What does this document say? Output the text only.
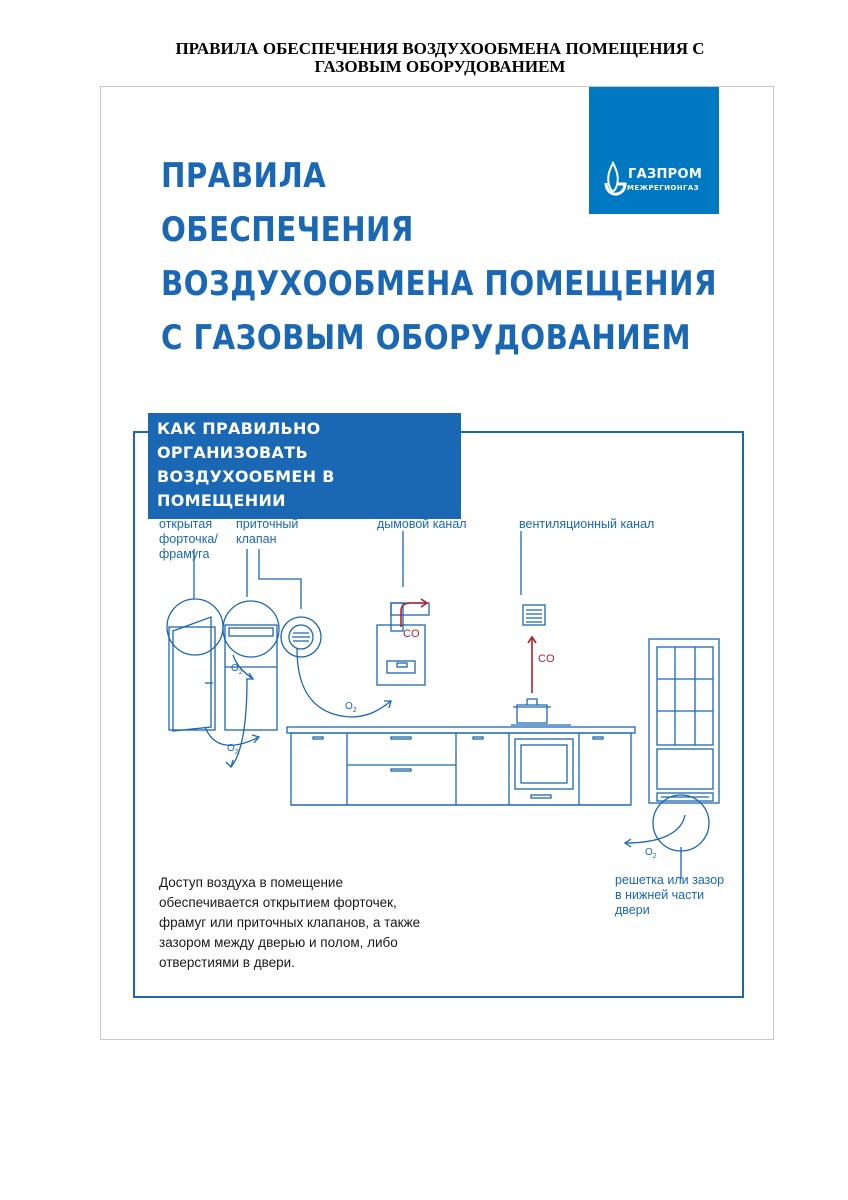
ПРАВИЛА ОБЕСПЕЧЕНИЯ ВОЗДУХООБМЕНА ПОМЕЩЕНИЯ С
ГАЗОВЫМ ОБОРУДОВАНИЕМ
ПРАВИЛА
ОБЕСПЕЧЕНИЯ
ВОЗДУХООБМЕНА ПОМЕЩЕНИЯ
С ГАЗОВЫМ ОБОРУДОВАНИЕМ
ГАЗПРОМ
МЕЖРЕГИОНГАЗ
КАК ПРАВИЛЬНО ОРГАНИЗОВАТЬ
ВОЗДУХООБМЕН В ПОМЕЩЕНИИ
CO
CO
$O_2$
$O_2$
$O_2$
$O_2$
открытая
форточка/
фрамуга
приточный
клапан
дымовой канал	вентиляционный канал
решетка или зазор
в нижней части
двери
Доступ воздуха в помещение
обеспечивается открытием форточек,
фрамуг или приточных клапанов, а также
зазором между дверью и полом, либо
отверстиями в двери.
